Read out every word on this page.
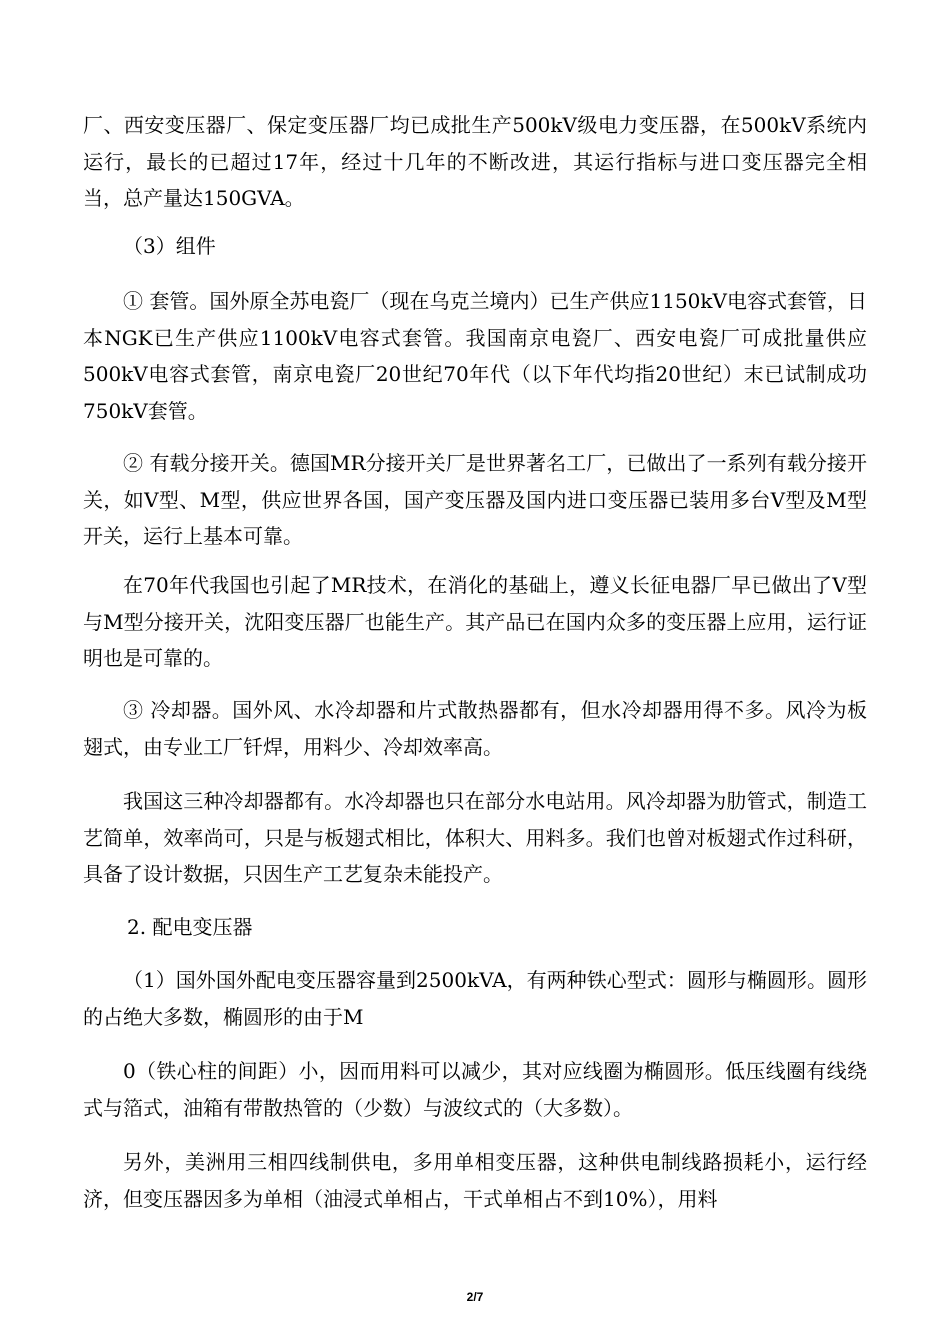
厂、西安变压器厂、保定变压器厂均已成批生产500kV级电力变压器，在500kV系统内运行，最长的已超过17年，经过十几年的不断改进，其运行指标与进口变压器完全相当，总产量达150GVA。

（3）组件

① 套管。国外原全苏电瓷厂（现在乌克兰境内）已生产供应1150kV电容式套管，日本NGK已生产供应1100kV电容式套管。我国南京电瓷厂、西安电瓷厂可成批量供应500kV电容式套管，南京电瓷厂20世纪70年代（以下年代均指20世纪）末已试制成功750kV套管。

② 有载分接开关。德国MR分接开关厂是世界著名工厂，已做出了一系列有载分接开关，如V型、M型，供应世界各国，国产变压器及国内进口变压器已装用多台V型及M型开关，运行上基本可靠。

在70年代我国也引起了MR技术，在消化的基础上，遵义长征电器厂早已做出了V型与M型分接开关，沈阳变压器厂也能生产。其产品已在国内众多的变压器上应用，运行证明也是可靠的。

③ 冷却器。国外风、水冷却器和片式散热器都有，但水冷却器用得不多。风冷为板翅式，由专业工厂钎焊，用料少、冷却效率高。

我国这三种冷却器都有。水冷却器也只在部分水电站用。风冷却器为肋管式，制造工艺简单，效率尚可，只是与板翅式相比，体积大、用料多。我们也曾对板翅式作过科研，具备了设计数据，只因生产工艺复杂未能投产。

2. 配电变压器

（1）国外国外配电变压器容量到2500kVA，有两种铁心型式：圆形与椭圆形。圆形的占绝大多数，椭圆形的由于M

0（铁心柱的间距）小，因而用料可以减少，其对应线圈为椭圆形。低压线圈有线绕式与箔式，油箱有带散热管的（少数）与波纹式的（大多数）。

另外，美洲用三相四线制供电，多用单相变压器，这种供电制线路损耗小，运行经济，但变压器因多为单相（油浸式单相占，干式单相占不到10%），用料

2/7
